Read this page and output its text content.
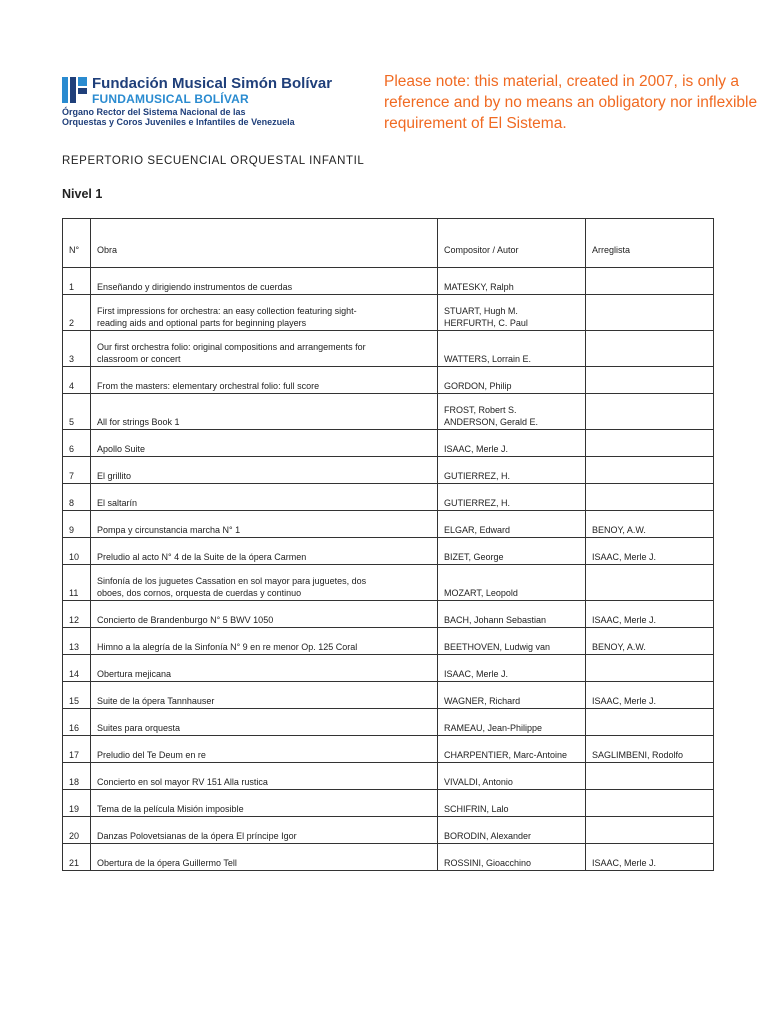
Fundación Musical Simón Bolívar
FUNDAMUSICAL BOLÍVAR
Órgano Rector del Sistema Nacional de las
Orquestas y Coros Juveniles e Infantiles de Venezuela
Please note: this material, created in 2007, is only a reference and by no means an obligatory nor inflexible requirement of El Sistema.
REPERTORIO SECUENCIAL ORQUESTAL INFANTIL
Nivel 1
N°	Obra	Compositor / Autor	Arreglista
1	Enseñando y dirigiendo instrumentos de cuerdas	MATESKY, Ralph	

2	First impressions for orchestra: an easy collection featuring sight-
reading aids and optional parts for beginning players	STUART, Hugh M.
HERFURTH, C. Paul	

3	Our first orchestra folio: original compositions and arrangements for
classroom or concert	WATTERS, Lorrain E.	

4	From the masters: elementary orchestral folio: full score	GORDON, Philip	

5	All for strings Book 1	FROST, Robert S.
ANDERSON, Gerald E.	

6	Apollo Suite	ISAAC, Merle J.	

7	El grillito	GUTIERREZ, H.	

8	El saltarín	GUTIERREZ, H.	

9	Pompa y circunstancia marcha N° 1	ELGAR, Edward	BENOY, A.W.
10	Preludio al acto N° 4 de la Suite de la ópera Carmen	BIZET, George	ISAAC, Merle J.
11	Sinfonía de los juguetes Cassation en sol mayor para juguetes, dos
oboes, dos cornos, orquesta de cuerdas y continuo	MOZART, Leopold	

12	Concierto de Brandenburgo N° 5 BWV 1050	BACH, Johann Sebastian	ISAAC, Merle J.
13	Himno a la alegría de la Sinfonía N° 9 en re menor Op. 125 Coral	BEETHOVEN, Ludwig van	BENOY, A.W.
14	Obertura mejicana	ISAAC, Merle J.	

15	Suite de la ópera Tannhauser	WAGNER, Richard	ISAAC, Merle J.
16	Suites para orquesta	RAMEAU, Jean-Philippe	

17	Preludio del Te Deum en re	CHARPENTIER, Marc-Antoine	SAGLIMBENI, Rodolfo
18	Concierto en sol mayor RV 151 Alla rustica	VIVALDI, Antonio	

19	Tema de la película Misión imposible	SCHIFRIN, Lalo	

20	Danzas Polovetsianas de la ópera El príncipe Igor	BORODIN, Alexander	

21	Obertura de la ópera Guillermo Tell	ROSSINI, Gioacchino	ISAAC, Merle J.
